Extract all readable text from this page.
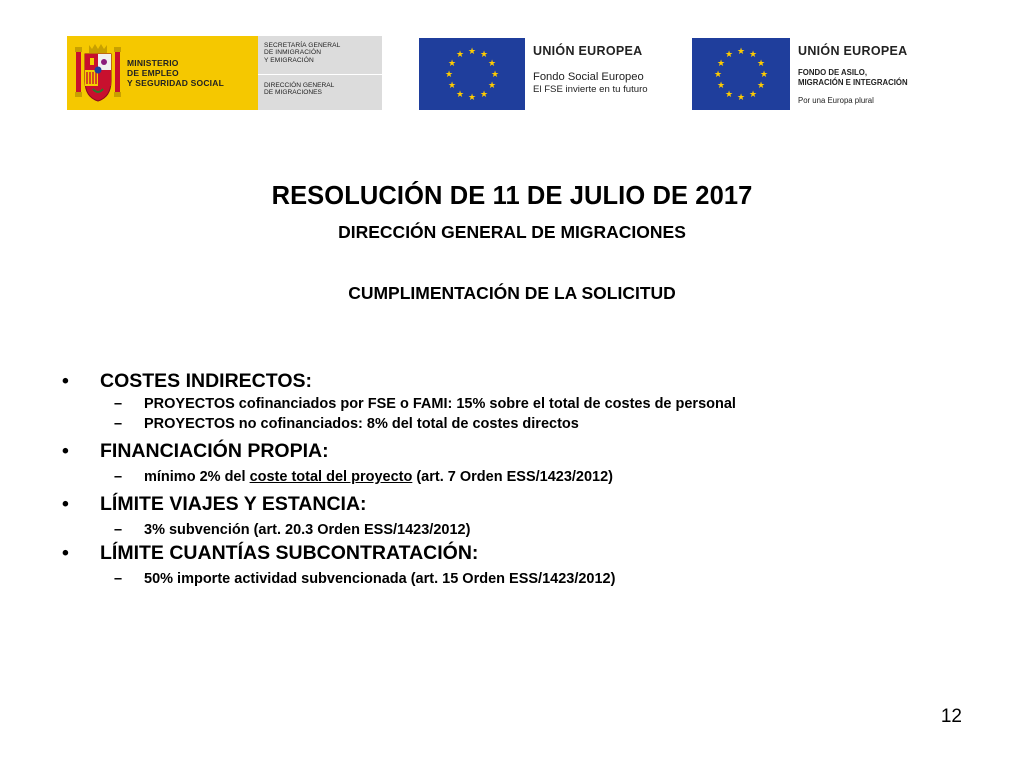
MINISTERIO
DE EMPLEO
Y SEGURIDAD SOCIAL
SECRETARÍA GENERAL
DE INMIGRACIÓN
Y EMIGRACIÓN
DIRECCIÓN GENERAL
DE MIGRACIONES
★ ★
★
★
★
★
★
★
★
★
★
★	UNIÓN EUROPEA
Fondo Social Europeo
El FSE invierte en tu futuro
★ ★
★
★
★
★
★
★
★
★
★
★	UNIÓN EUROPEA
FONDO DE ASILO,
MIGRACIÓN E INTEGRACIÓN
Por una Europa plural
RESOLUCIÓN DE 11 DE JULIO DE 2017
DIRECCIÓN GENERAL DE MIGRACIONES
CUMPLIMENTACIÓN DE LA SOLICITUD
• COSTES INDIRECTOS:
– PROYECTOS cofinanciados por FSE o FAMI: 15% sobre el total de costes de personal
– PROYECTOS no cofinanciados: 8% del total de costes directos
• FINANCIACIÓN PROPIA:
– mínimo 2% del coste total del proyecto (art. 7 Orden ESS/1423/2012)
• LÍMITE VIAJES Y ESTANCIA:
– 3% subvención (art. 20.3 Orden ESS/1423/2012)
• LÍMITE CUANTÍAS SUBCONTRATACIÓN:
– 50% importe actividad subvencionada (art. 15 Orden ESS/1423/2012)
12
